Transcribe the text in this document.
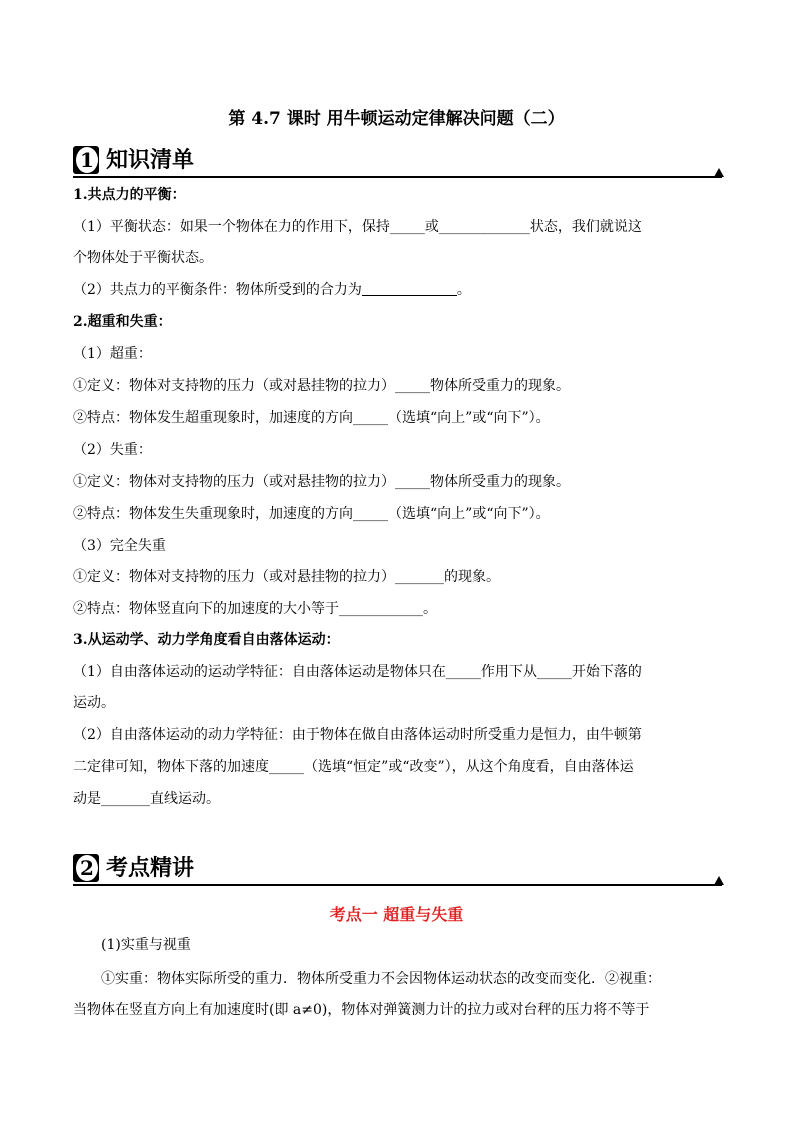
第 4.7 课时 用牛顿运动定律解决问题（二）
1 知识清单
1.共点力的平衡：
（1）平衡状态：如果一个物体在力的作用下，保持_____或_____________状态，我们就说这
个物体处于平衡状态。
2.超重和失重：
（1）超重：
①定义：物体对支持物的压力（或对悬挂物的拉力）_____物体所受重力的现象。
②特点：物体发生超重现象时，加速度的方向_____（选填“向上”或“向下”）。
（2）失重：
①定义：物体对支持物的压力（或对悬挂物的拉力）_____物体所受重力的现象。
②特点：物体发生失重现象时，加速度的方向_____（选填“向上”或“向下”）。
（3）完全失重
①定义：物体对支持物的压力（或对悬挂物的拉力）_______的现象。
②特点：物体竖直向下的加速度的大小等于____________。
3.从运动学、动力学角度看自由落体运动：
（1）自由落体运动的运动学特征：自由落体运动是物体只在_____作用下从_____开始下落的
运动。
（2）自由落体运动的动力学特征：由于物体在做自由落体运动时所受重力是恒力，由牛顿第
二定律可知，物体下落的加速度_____（选填“恒定”或“改变”），从这个角度看，自由落体运
动是_______直线运动。
（2）共点力的平衡条件：物体所受到的合力为	。
2 考点精讲
考点一 超重与失重
(1)实重与视重
①实重：物体实际所受的重力．物体所受重力不会因物体运动状态的改变而变化．②视重：
当物体在竖直方向上有加速度时(即 a≠0)，物体对弹簧测力计的拉力或对台秤的压力将不等于
